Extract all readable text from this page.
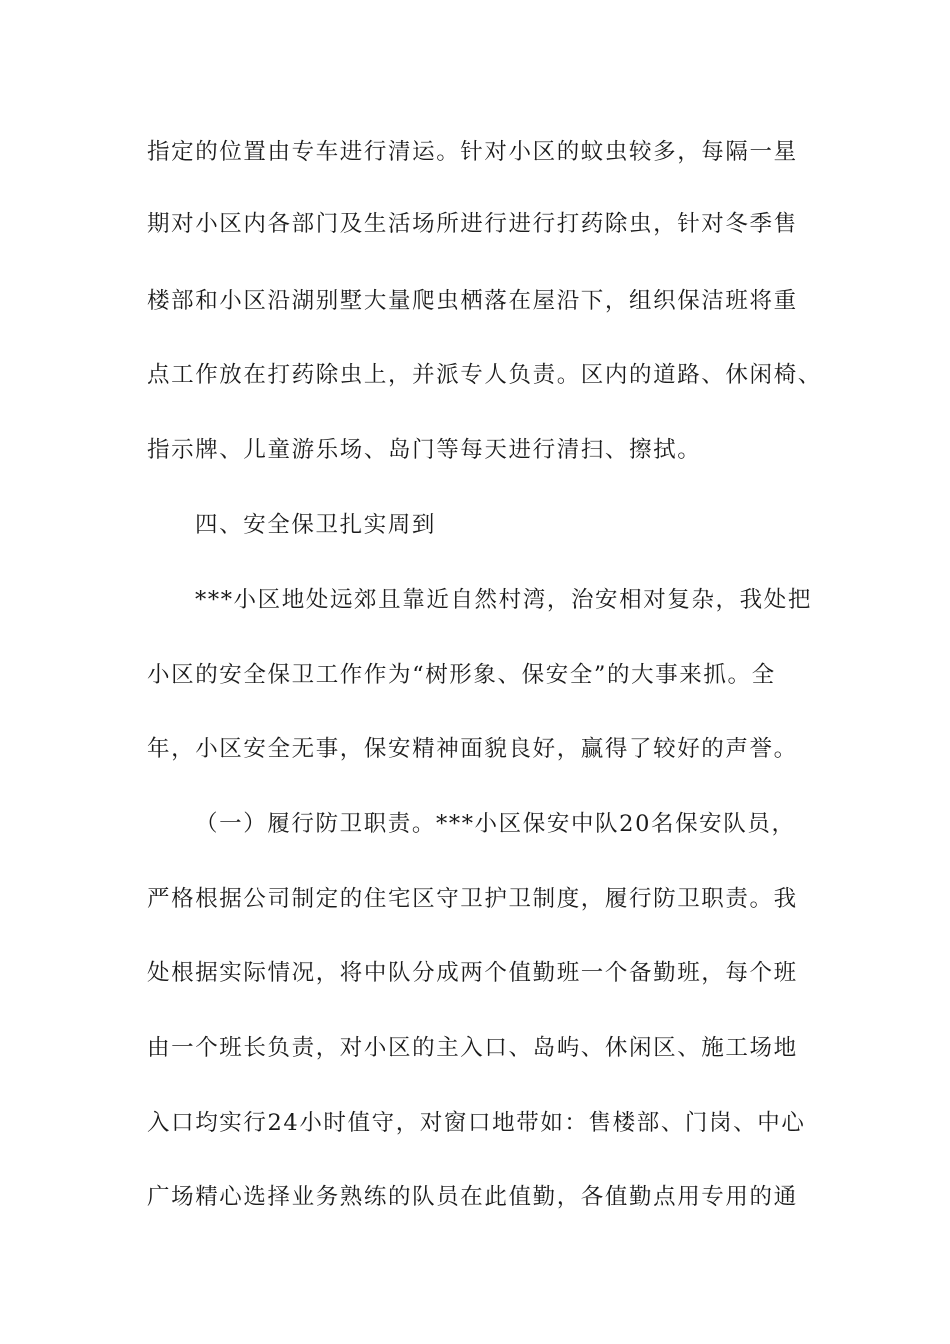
指定的位置由专车进行清运。针对小区的蚊虫较多，每隔一星
期对小区内各部门及生活场所进行进行打药除虫，针对冬季售
楼部和小区沿湖别墅大量爬虫栖落在屋沿下，组织保洁班将重
点工作放在打药除虫上，并派专人负责。区内的道路、休闲椅、
指示牌、儿童游乐场、岛门等每天进行清扫、擦拭。
四、安全保卫扎实周到
***小区地处远郊且靠近自然村湾，治安相对复杂，我处把
小区的安全保卫工作作为“树形象、保安全”的大事来抓。全
年，小区安全无事，保安精神面貌良好，赢得了较好的声誉。
（一）履行防卫职责。***小区保安中队20名保安队员，
严格根据公司制定的住宅区守卫护卫制度，履行防卫职责。我
处根据实际情况，将中队分成两个值勤班一个备勤班，每个班
由一个班长负责，对小区的主入口、岛屿、休闲区、施工场地
入口均实行24小时值守，对窗口地带如：售楼部、门岗、中心
广场精心选择业务熟练的队员在此值勤，各值勤点用专用的通
